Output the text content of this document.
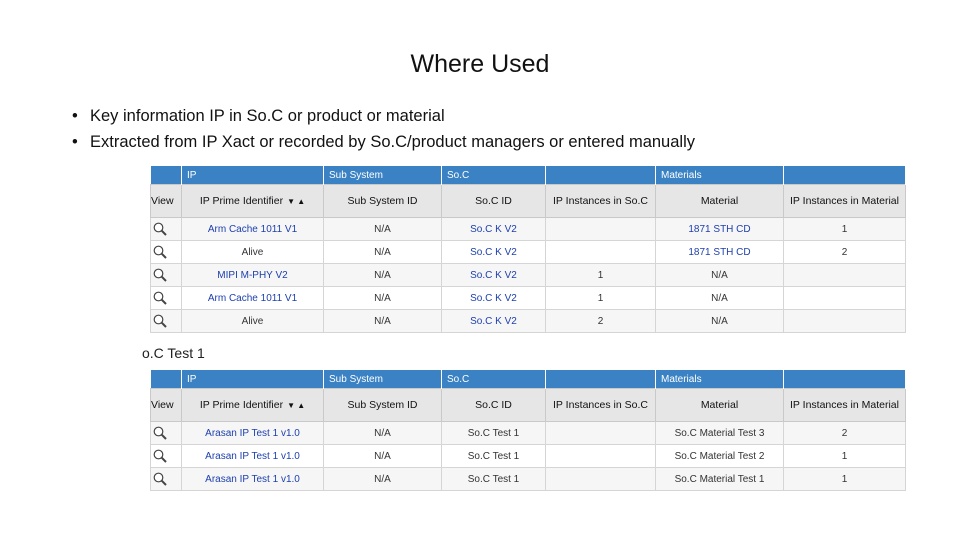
Where Used
• Key information IP in So.C or product or material
• Extracted from IP Xact or recorded by So.C/product managers or entered manually
	IP	Sub System	So.C		Materials	
View	IP Prime Identifier ▼ ▲	Sub System ID	So.C ID	IP Instances in So.C	Material	IP Instances in Material
	Arm Cache 1011 V1	N/A	So.C K V2		1871 STH CD	1
	Alive	N/A	So.C K V2		1871 STH CD	2
	MIPI M-PHY V2	N/A	So.C K V2	1	N/A	
	Arm Cache 1011 V1	N/A	So.C K V2	1	N/A	
	Alive	N/A	So.C K V2	2	N/A	
o.C Test 1
	IP	Sub System	So.C		Materials	
View	IP Prime Identifier ▼ ▲	Sub System ID	So.C ID	IP Instances in So.C	Material	IP Instances in Material
	Arasan IP Test 1 v1.0	N/A	So.C Test 1		So.C Material Test 3	2
	Arasan IP Test 1 v1.0	N/A	So.C Test 1		So.C Material Test 2	1
	Arasan IP Test 1 v1.0	N/A	So.C Test 1		So.C Material Test 1	1
